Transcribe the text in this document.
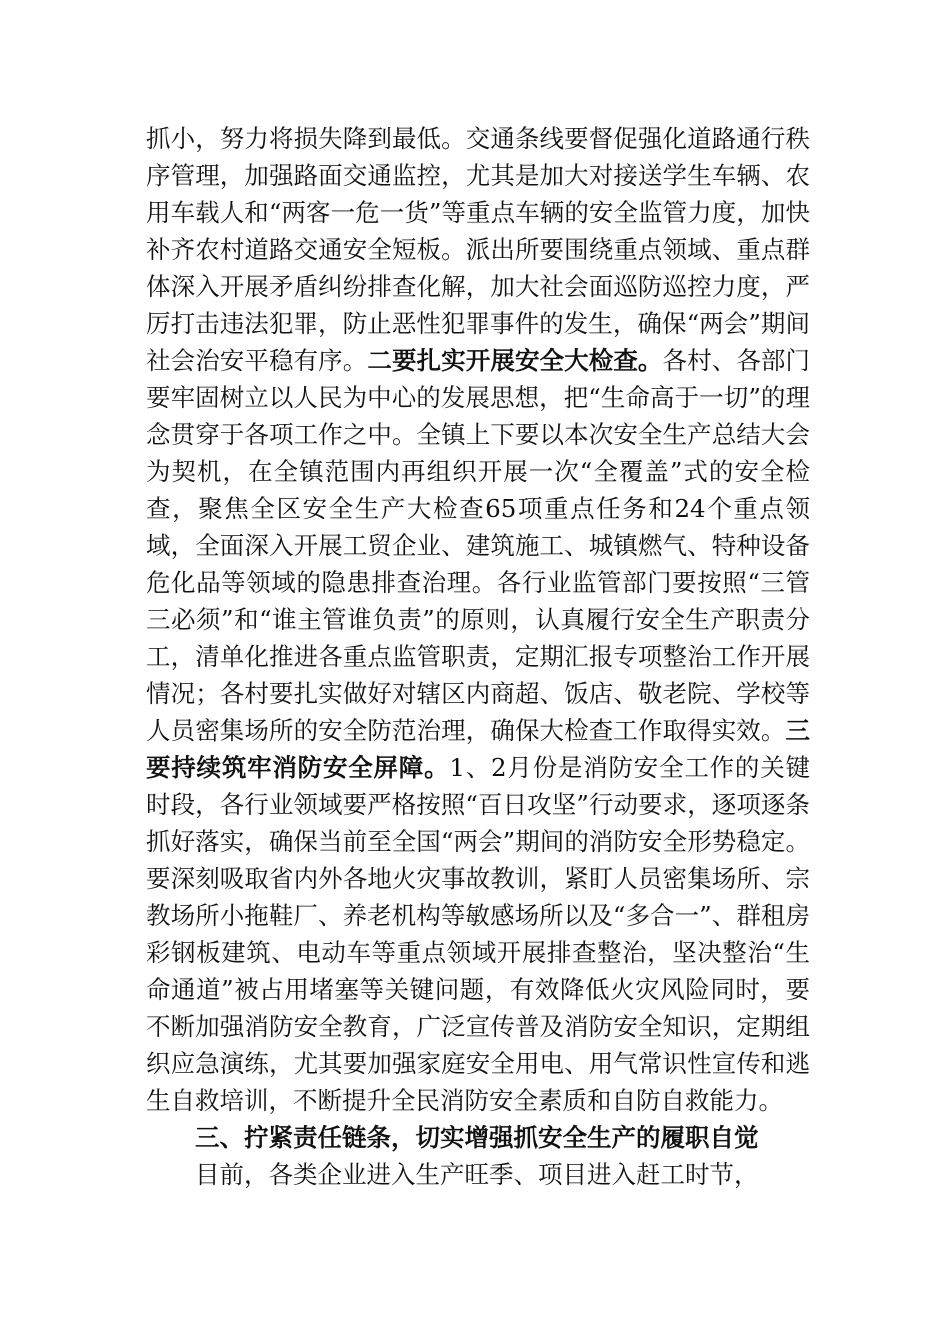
抓小，努力将损失降到最低。交通条线要督促强化道路通行秩序管理，加强路面交通监控，尤其是加大对接送学生车辆、农用车载人和“两客一危一货”等重点车辆的安全监管力度，加快补齐农村道路交通安全短板。派出所要围绕重点领域、重点群体深入开展矛盾纠纷排查化解，加大社会面巡防巡控力度，严厉打击违法犯罪，防止恶性犯罪事件的发生，确保“两会”期间社会治安平稳有序。二要扎实开展安全大检查。各村、各部门要牢固树立以人民为中心的发展思想，把“生命高于一切”的理念贯穿于各项工作之中。全镇上下要以本次安全生产总结大会为契机，在全镇范围内再组织开展一次“全覆盖”式的安全检查，聚焦全区安全生产大检查65项重点任务和24个重点领域，全面深入开展工贸企业、建筑施工、城镇燃气、特种设备危化品等领域的隐患排查治理。各行业监管部门要按照“三管三必须”和“谁主管谁负责”的原则，认真履行安全生产职责分工，清单化推进各重点监管职责，定期汇报专项整治工作开展情况；各村要扎实做好对辖区内商超、饭店、敬老院、学校等人员密集场所的安全防范治理，确保大检查工作取得实效。三要持续筑牢消防安全屏障。1、2月份是消防安全工作的关键时段，各行业领域要严格按照“百日攻坚”行动要求，逐项逐条抓好落实，确保当前至全国“两会”期间的消防安全形势稳定。要深刻吸取省内外各地火灾事故教训，紧盯人员密集场所、宗教场所小拖鞋厂、养老机构等敏感场所以及“多合一”、群租房彩钢板建筑、电动车等重点领域开展排查整治，坚决整治“生命通道”被占用堵塞等关键问题，有效降低火灾风险同时，要不断加强消防安全教育，广泛宣传普及消防安全知识，定期组织应急演练，尤其要加强家庭安全用电、用气常识性宣传和逃生自救培训，不断提升全民消防安全素质和自防自救能力。

三、拧紧责任链条，切实增强抓安全生产的履职自觉

目前，各类企业进入生产旺季、项目进入赶工时节，
